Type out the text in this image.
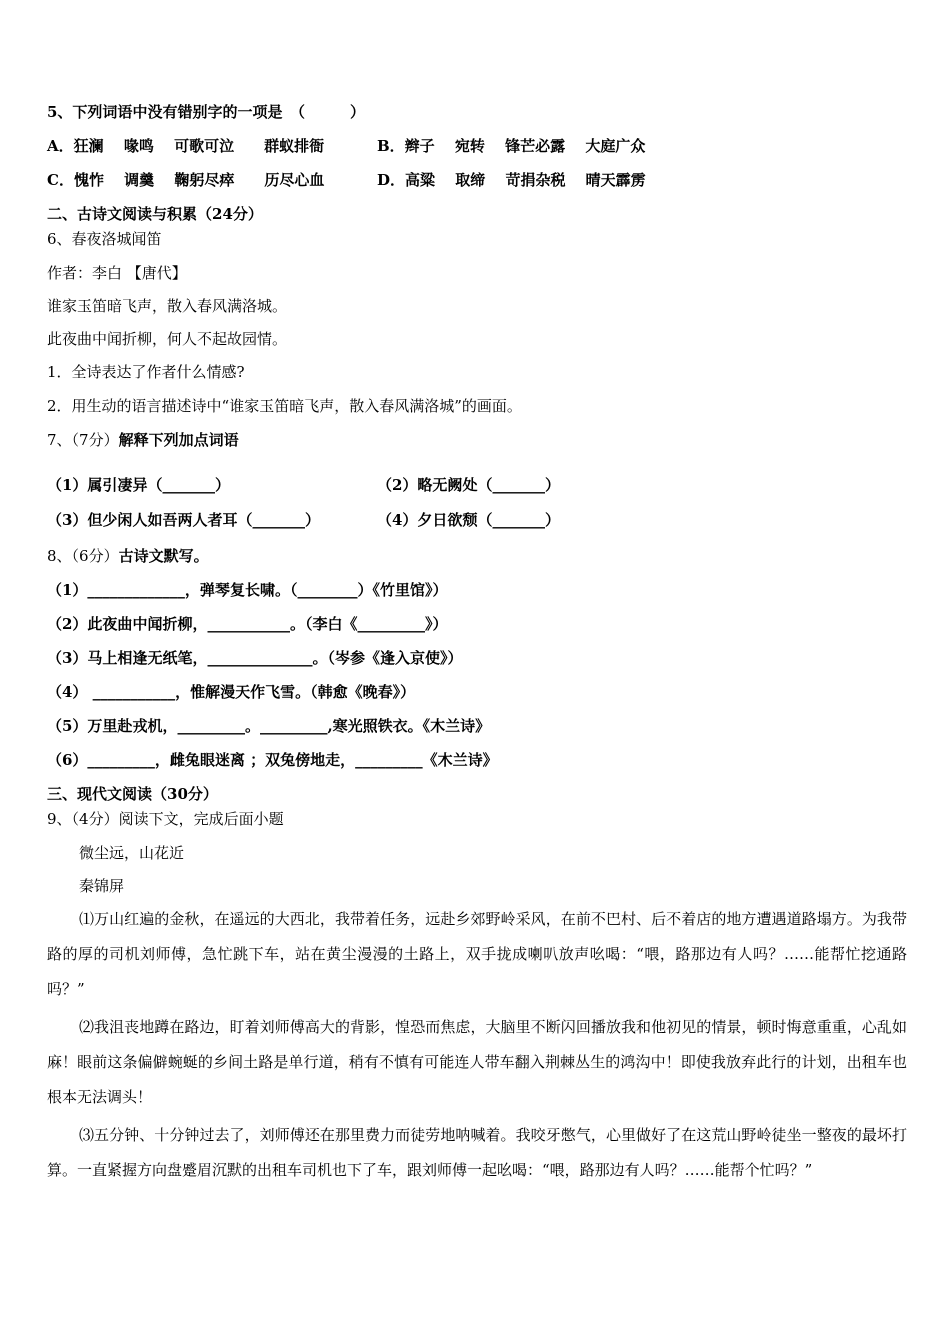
5、下列词语中没有错别字的一项是　（　　　）
A．狂澜　 喙鸣　 可歌可泣　　群蚁排衙	B．辫子　 宛转　 锋芒必露　 大庭广众
C．愧怍　 调羹　 鞠躬尽瘁　　历尽心血	D．高粱　 取缔　 苛捐杂税　 晴天霹雳
二、古诗文阅读与积累（24分）
6、春夜洛城闻笛
作者：李白 【唐代】
谁家玉笛暗飞声，散入春风满洛城。
此夜曲中闻折柳，何人不起故园情。
1．全诗表达了作者什么情感?
2．用生动的语言描述诗中“谁家玉笛暗飞声，散入春风满洛城”的画面。
7、（7分）解释下列加点词语
（1）属引凄异（_______）	（2）略无阙处（_______）
（3）但少闲人如吾两人者耳（_______）	（4）夕日欲颓（_______）
8、（6分）古诗文默写。
（1）_____________，弹琴复长啸。（________）《竹里馆》）
（2）此夜曲中闻折柳，___________。（李白《_________》）
（3）马上相逢无纸笔，______________。（岑参《逢入京使》）
（4） ___________，惟解漫天作飞雪。（韩愈《晚春》）
（5）万里赴戎机，_________。_________,寒光照铁衣。《木兰诗》
（6）_________，雌兔眼迷离 ；双兔傍地走，_________《木兰诗》
三、现代文阅读（30分）
9、（4分）阅读下文，完成后面小题
微尘远，山花近
秦锦屏
⑴万山红遍的金秋，在遥远的大西北，我带着任务，远赴乡郊野岭采风，在前不巴村、后不着店的地方遭遇道路塌方。为我带路的厚的司机刘师傅，急忙跳下车，站在黄尘漫漫的土路上，双手拢成喇叭放声吆喝：“喂，路那边有人吗？……能帮忙挖通路吗？”
⑵我沮丧地蹲在路边，盯着刘师傅高大的背影，惶恐而焦虑，大脑里不断闪回播放我和他初见的情景，顿时悔意重重，心乱如麻！眼前这条偏僻蜿蜒的乡间土路是单行道，稍有不慎有可能连人带车翻入荆棘丛生的鸿沟中！即使我放弃此行的计划，出租车也根本无法调头！
⑶五分钟、十分钟过去了，刘师傅还在那里费力而徒劳地呐喊着。我咬牙憋气，心里做好了在这荒山野岭徒坐一整夜的最坏打算。一直紧握方向盘蹙眉沉默的出租车司机也下了车，跟刘师傅一起吆喝：“喂，路那边有人吗？……能帮个忙吗？”
